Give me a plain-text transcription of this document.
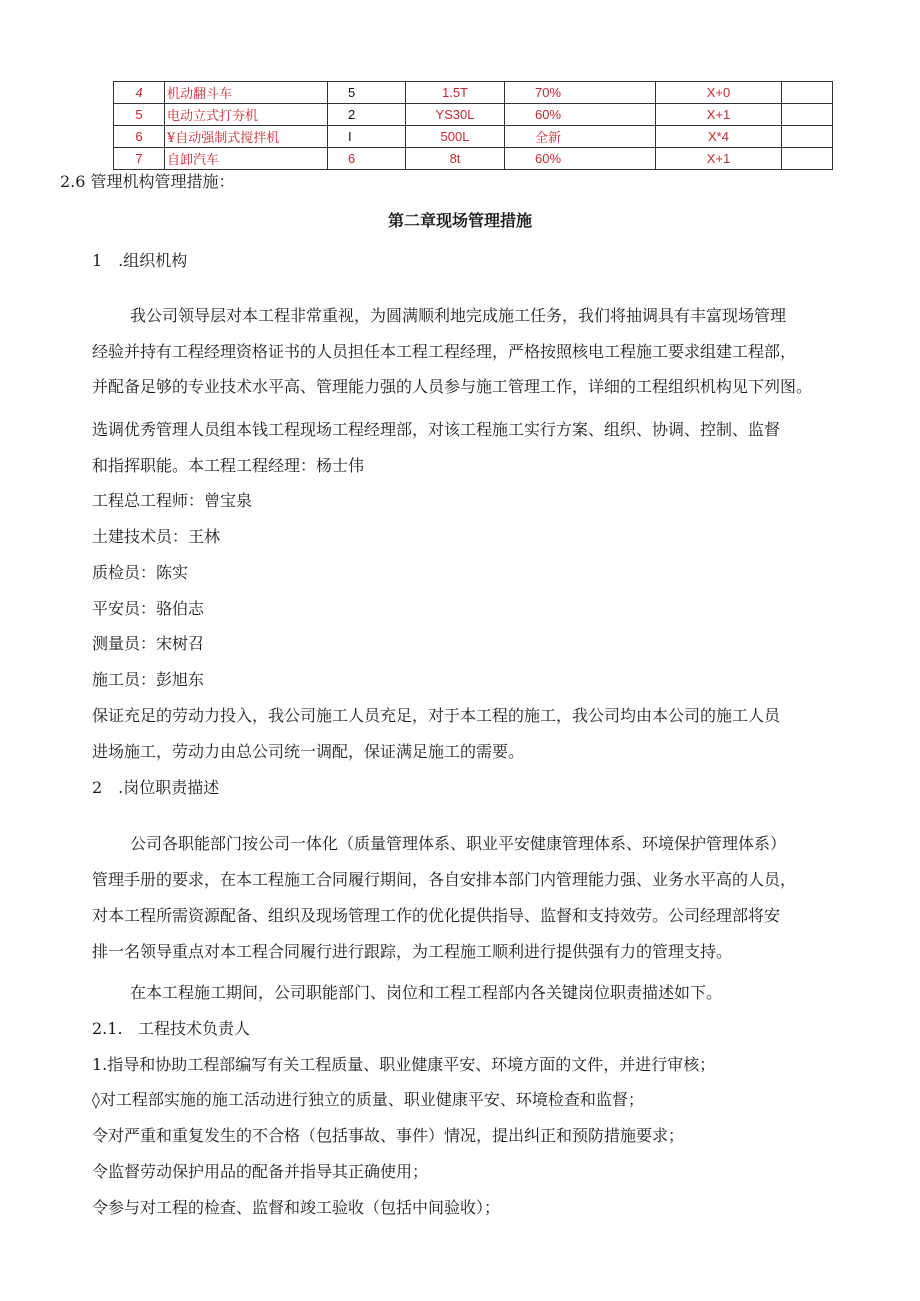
4	机动翻斗车	5	1.5T	70%	X+0	
5	电动立式打夯机	2	YS30L	60%	X+1	
6	¥自动强制式搅拌机	I	500L	全新	X*4	
7	自卸汽车	6	8t	60%	X+1	
2.6 管理机构管理措施：
第二章现场管理措施
1　.组织机构
我公司领导层对本工程非常重视，为圆满顺利地完成施工任务，我们将抽调具有丰富现场管理
经验并持有工程经理资格证书的人员担任本工程工程经理，严格按照核电工程施工要求组建工程部，
并配备足够的专业技术水平高、管理能力强的人员参与施工管理工作，详细的工程组织机构见下列图。
选调优秀管理人员组本钱工程现场工程经理部，对该工程施工实行方案、组织、协调、控制、监督
和指挥职能。本工程工程经理：杨士伟
工程总工程师：曾宝泉
土建技术员：王林
质检员：陈实
平安员：骆伯志
测量员：宋树召
施工员：彭旭东
保证充足的劳动力投入，我公司施工人员充足，对于本工程的施工，我公司均由本公司的施工人员
进场施工，劳动力由总公司统一调配，保证满足施工的需要。
2　.岗位职责描述
公司各职能部门按公司一体化（质量管理体系、职业平安健康管理体系、环境保护管理体系）
管理手册的要求，在本工程施工合同履行期间，各自安排本部门内管理能力强、业务水平高的人员，
对本工程所需资源配备、组织及现场管理工作的优化提供指导、监督和支持效劳。公司经理部将安
排一名领导重点对本工程合同履行进行跟踪，为工程施工顺利进行提供强有力的管理支持。
在本工程施工期间，公司职能部门、岗位和工程工程部内各关键岗位职责描述如下。
2.1. 工程技术负责人
1.指导和协助工程部编写有关工程质量、职业健康平安、环境方面的文件，并进行审核；
◊对工程部实施的施工活动进行独立的质量、职业健康平安、环境检查和监督；
令对严重和重复发生的不合格（包括事故、事件）情况，提出纠正和预防措施要求；
令监督劳动保护用品的配备并指导其正确使用；
令参与对工程的检查、监督和竣工验收（包括中间验收）；
